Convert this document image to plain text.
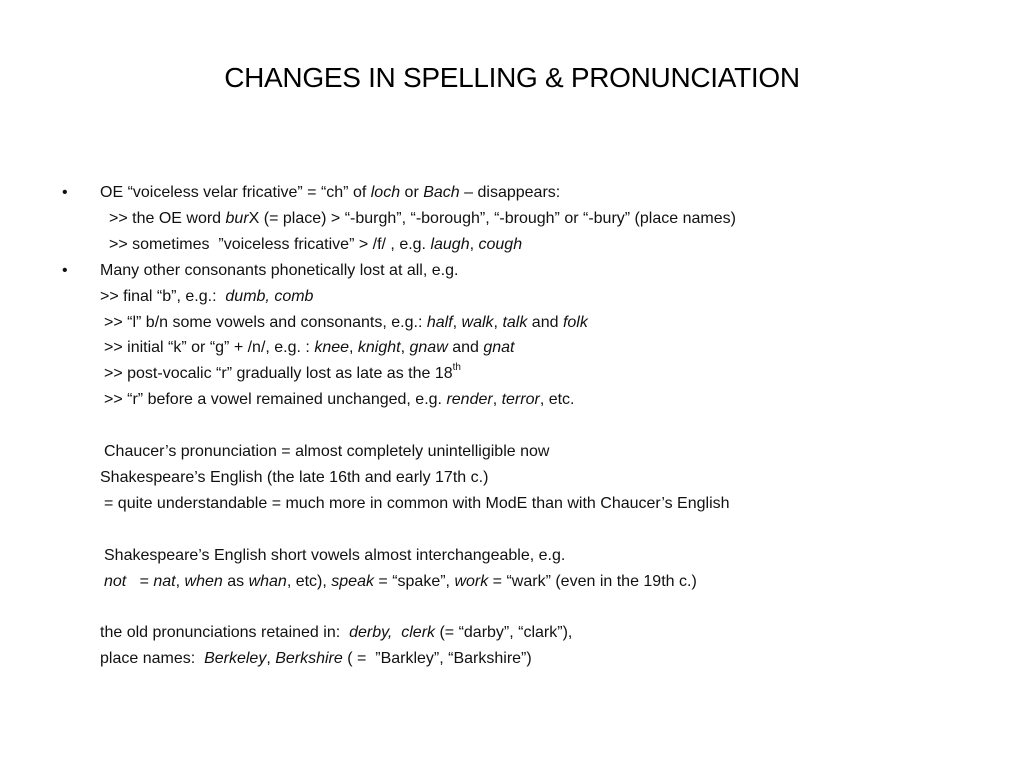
CHANGES IN SPELLING & PRONUNCIATION
• OE “voiceless velar fricative” = “ch” of loch or Bach – disappears:
>> the OE word burX (= place) > “-burgh”, “-borough”, “-brough” or “-bury” (place names)
>> sometimes  ”voiceless fricative” > /f/ , e.g. laugh, cough
• Many other consonants phonetically lost at all, e.g.
>> final “b”, e.g.:  dumb, comb
>> “l” b/n some vowels and consonants, e.g.: half, walk, talk and folk
>> initial “k” or “g” + /n/, e.g. : knee, knight, gnaw and gnat
>> post-vocalic “r” gradually lost as late as the 18th
>> “r” before a vowel remained unchanged, e.g. render, terror, etc.
Chaucer’s pronunciation = almost completely unintelligible now
Shakespeare’s English (the late 16th and early 17th c.)
= quite understandable = much more in common with ModE than with Chaucer’s English
Shakespeare’s English short vowels almost interchangeable, e.g.
not   = nat, when as whan, etc), speak = “spake”, work = “wark” (even in the 19th c.)
the old pronunciations retained in:  derby,  clerk (= “darby”, “clark”),
place names:  Berkeley, Berkshire ( =  ”Barkley”, “Barkshire”)
